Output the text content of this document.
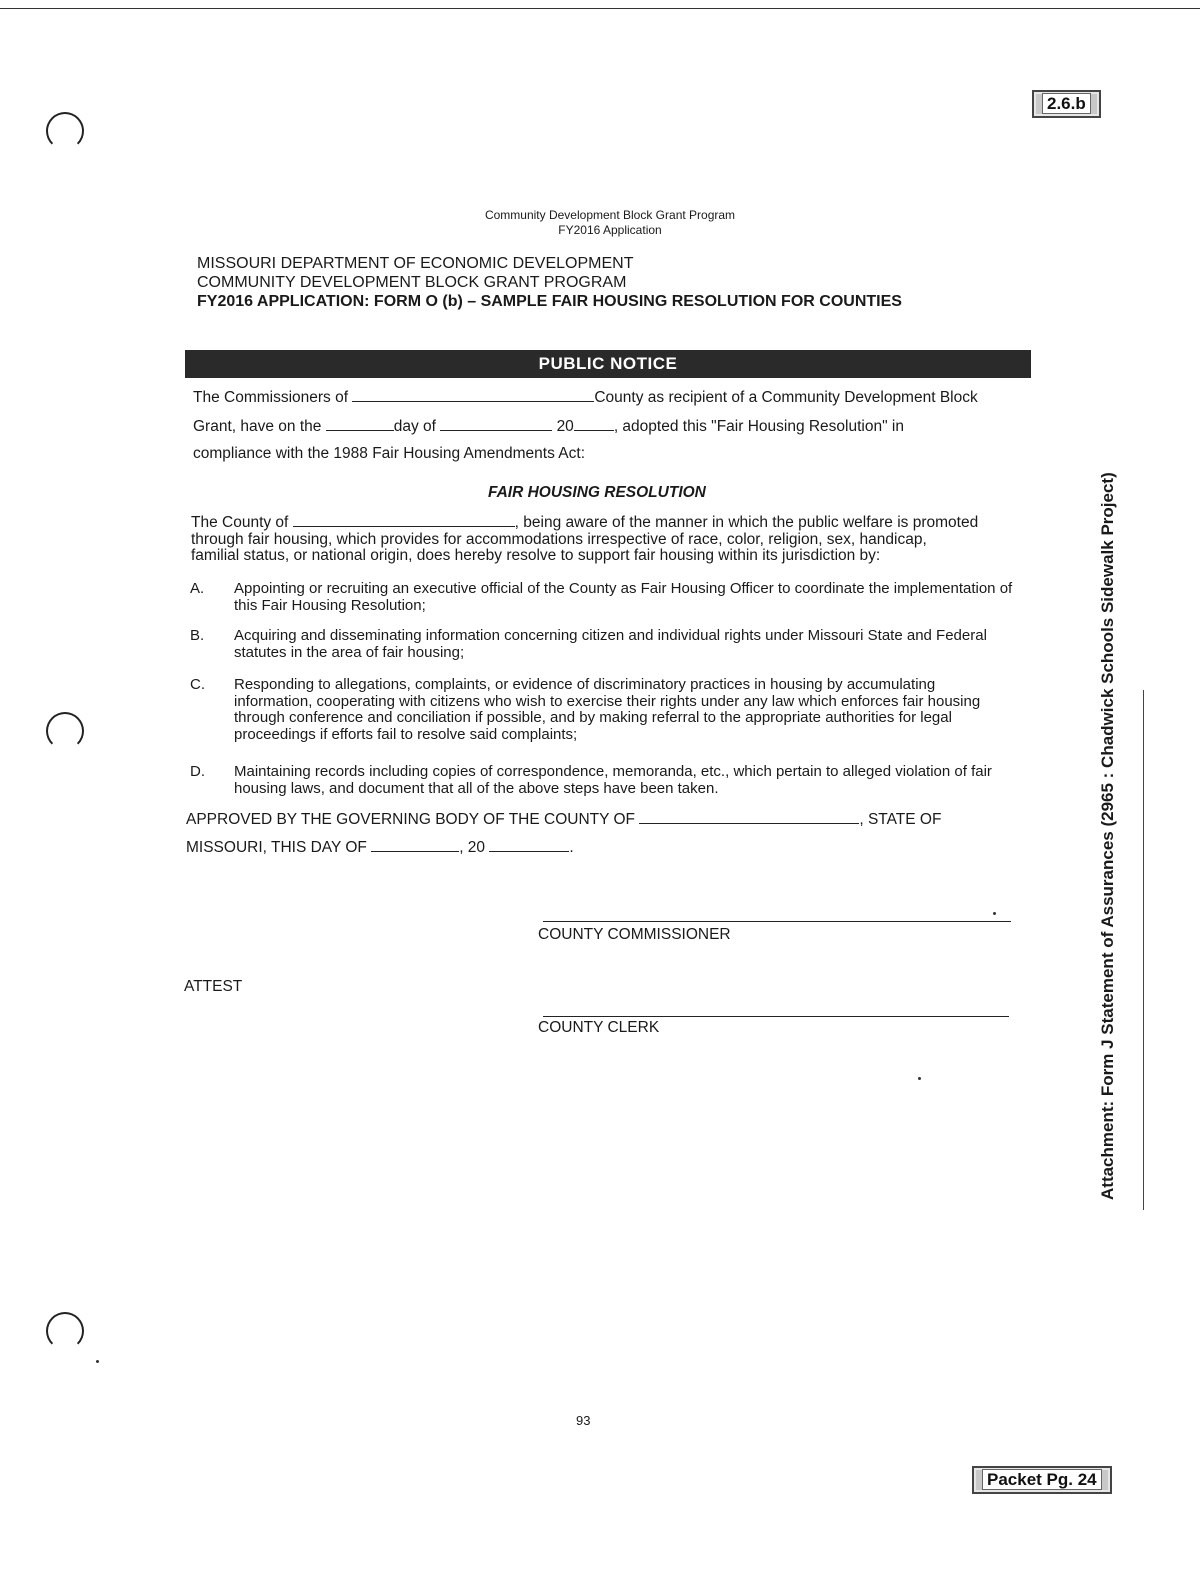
2.6.b
Packet Pg. 24
Community Development Block Grant Program
FY2016 Application
MISSOURI DEPARTMENT OF ECONOMIC DEVELOPMENT
COMMUNITY DEVELOPMENT BLOCK GRANT PROGRAM
FY2016 APPLICATION: FORM O (b) – SAMPLE FAIR HOUSING RESOLUTION FOR COUNTIES
PUBLIC NOTICE
The Commissioners of	County as recipient of a Community Development Block
Grant, have on the	day of	20	, adopted this "Fair Housing Resolution" in
compliance with the 1988 Fair Housing Amendments Act:
FAIR HOUSING RESOLUTION
The County of	, being aware of the manner in which the public welfare is promoted
through fair housing, which provides for accommodations irrespective of race, color, religion, sex, handicap,
familial status, or national origin, does hereby resolve to support fair housing within its jurisdiction by:
A. Appointing or recruiting an executive official of the County as Fair Housing Officer to coordinate the implementation of this Fair Housing Resolution;
B. Acquiring and disseminating information concerning citizen and individual rights under Missouri State and Federal statutes in the area of fair housing;
C. Responding to allegations, complaints, or evidence of discriminatory practices in housing by accumulating information, cooperating with citizens who wish to exercise their rights under any law which enforces fair housing through conference and conciliation if possible, and by making referral to the appropriate authorities for legal proceedings if efforts fail to resolve said complaints;
D. Maintaining records including copies of correspondence, memoranda, etc., which pertain to alleged violation of fair housing laws, and document that all of the above steps have been taken.
APPROVED BY THE GOVERNING BODY OF THE COUNTY OF	, STATE OF
MISSOURI, THIS DAY OF	, 20	.
COUNTY COMMISSIONER
ATTEST
COUNTY CLERK	Attachment: Form J Statement of Assurances (2965 : Chadwick Schools Sidewalk Project)
93
